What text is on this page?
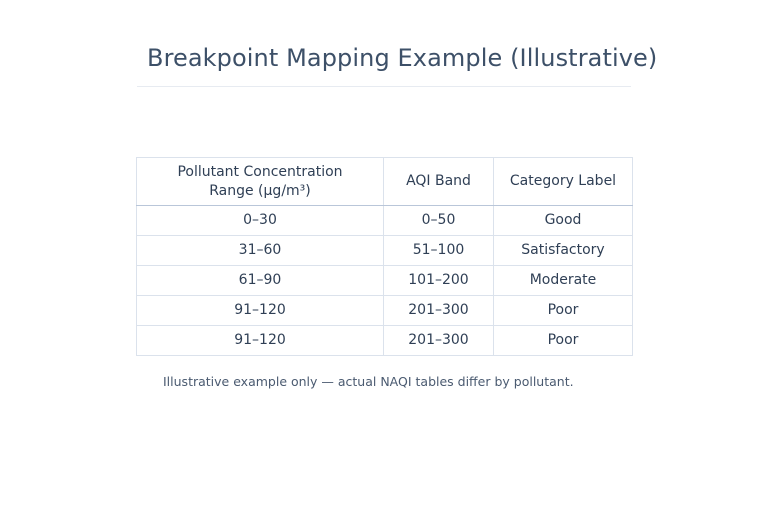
Breakpoint Mapping Example (Illustrative)
Pollutant Concentration
Range (µg/m³)	AQI Band	Category Label
0–30	0–50	Good
31–60	51–100	Satisfactory
61–90	101–200	Moderate
91–120	201–300	Poor
91–120	201–300	Poor

Illustrative example only — actual NAQI tables differ by pollutant.
